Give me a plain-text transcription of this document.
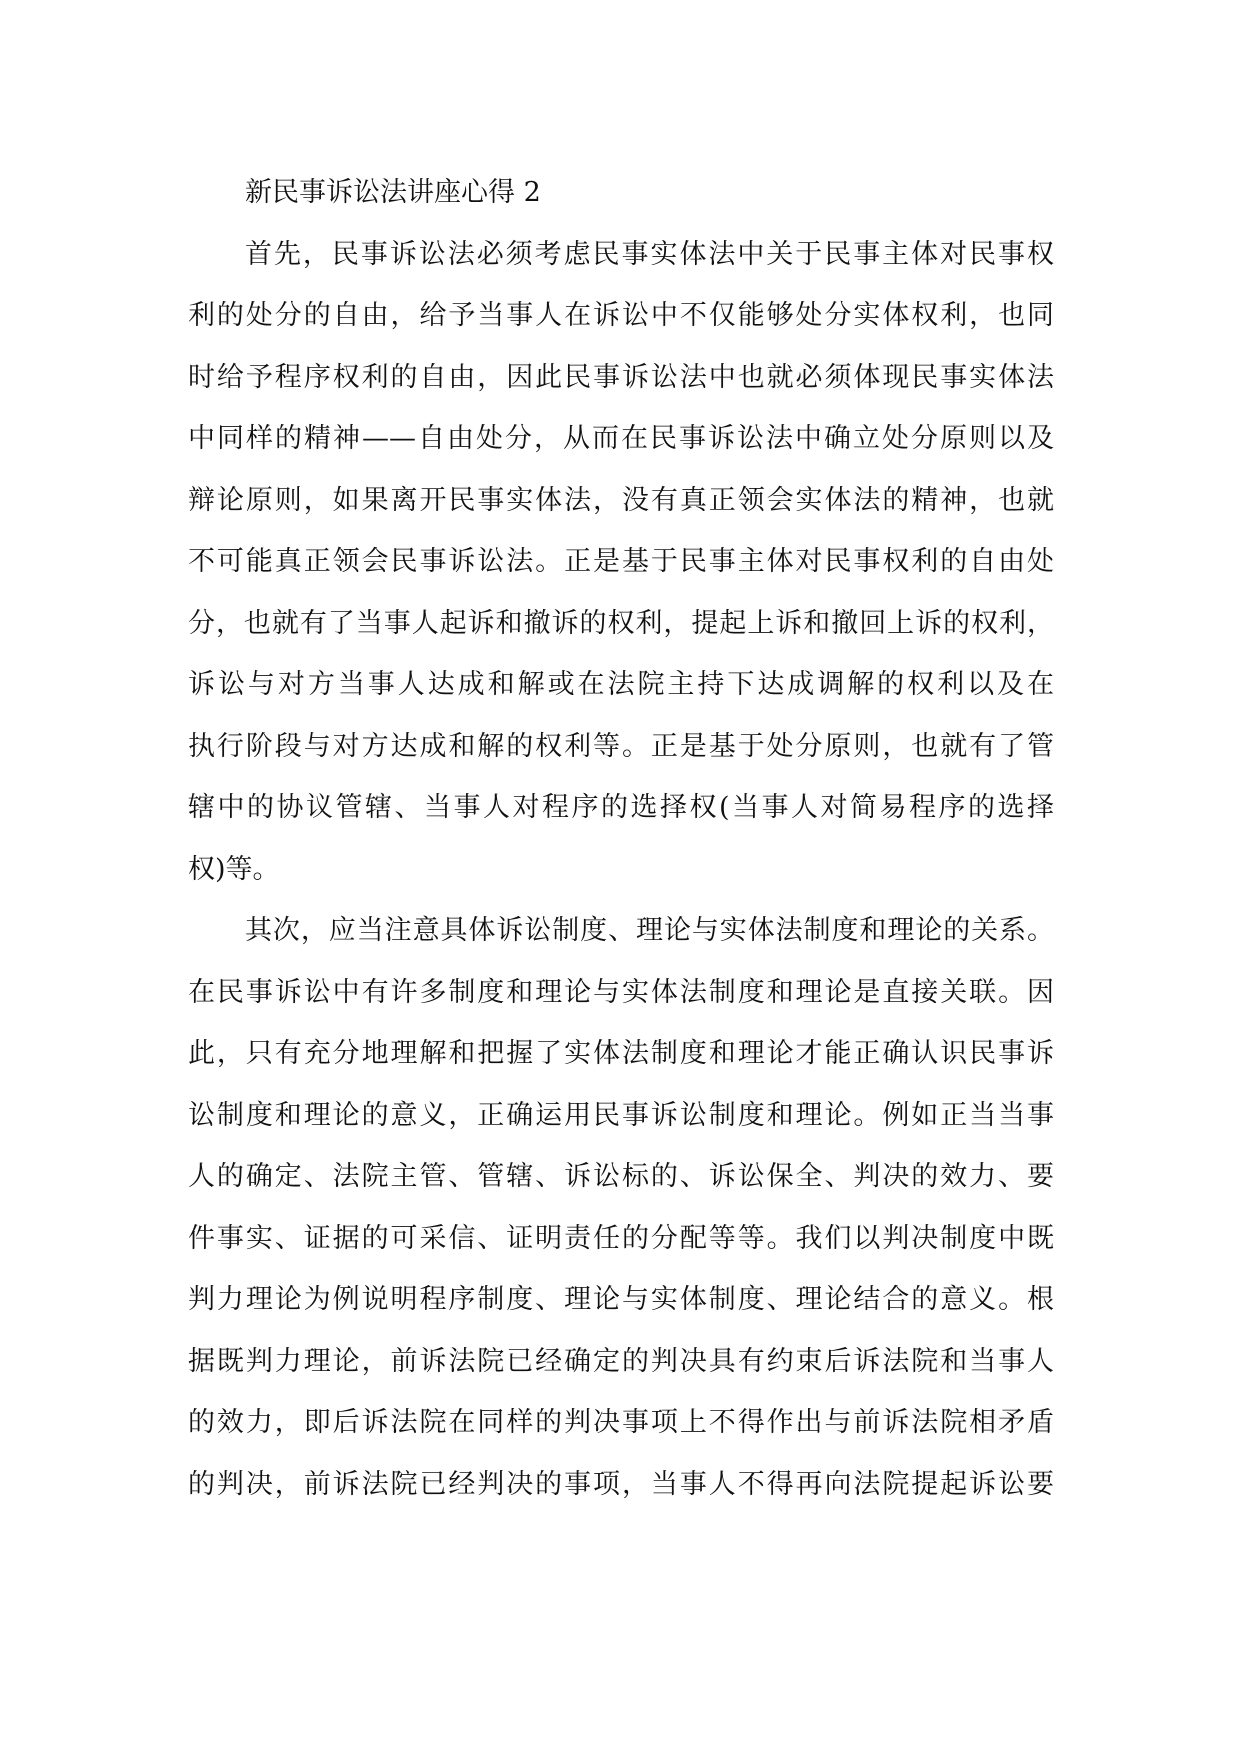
新民事诉讼法讲座心得 2

首先，民事诉讼法必须考虑民事实体法中关于民事主体对民事权
利的处分的自由，给予当事人在诉讼中不仅能够处分实体权利，也同
时给予程序权利的自由，因此民事诉讼法中也就必须体现民事实体法
中同样的精神——自由处分，从而在民事诉讼法中确立处分原则以及
辩论原则，如果离开民事实体法，没有真正领会实体法的精神，也就
不可能真正领会民事诉讼法。正是基于民事主体对民事权利的自由处
分，也就有了当事人起诉和撤诉的权利，提起上诉和撤回上诉的权利，
诉讼与对方当事人达成和解或在法院主持下达成调解的权利以及在
执行阶段与对方达成和解的权利等。正是基于处分原则，也就有了管
辖中的协议管辖、当事人对程序的选择权(当事人对简易程序的选择
权)等。

其次，应当注意具体诉讼制度、理论与实体法制度和理论的关系。
在民事诉讼中有许多制度和理论与实体法制度和理论是直接关联。因
此，只有充分地理解和把握了实体法制度和理论才能正确认识民事诉
讼制度和理论的意义，正确运用民事诉讼制度和理论。例如正当当事
人的确定、法院主管、管辖、诉讼标的、诉讼保全、判决的效力、要
件事实、证据的可采信、证明责任的分配等等。我们以判决制度中既
判力理论为例说明程序制度、理论与实体制度、理论结合的意义。根
据既判力理论，前诉法院已经确定的判决具有约束后诉法院和当事人
的效力，即后诉法院在同样的判决事项上不得作出与前诉法院相矛盾
的判决，前诉法院已经判决的事项，当事人不得再向法院提起诉讼要
